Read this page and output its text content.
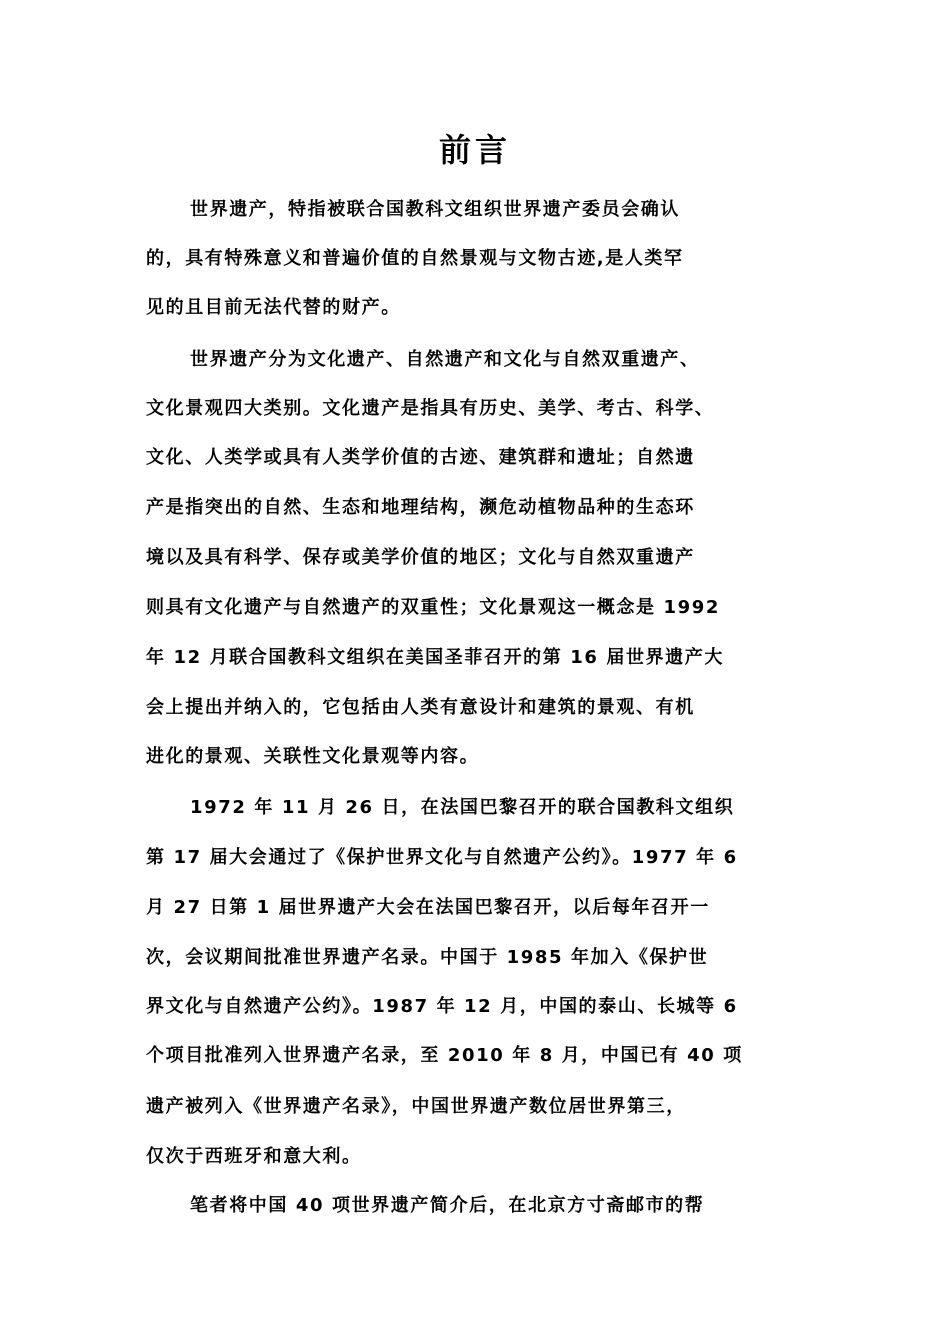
前言
世界遗产，特指被联合国教科文组织世界遗产委员会确认
的，具有特殊意义和普遍价值的自然景观与文物古迹,是人类罕
见的且目前无法代替的财产。
世界遗产分为文化遗产、自然遗产和文化与自然双重遗产、
文化景观四大类别。文化遗产是指具有历史、美学、考古、科学、
文化、人类学或具有人类学价值的古迹、建筑群和遗址；自然遗
产是指突出的自然、生态和地理结构，濒危动植物品种的生态环
境以及具有科学、保存或美学价值的地区；文化与自然双重遗产
则具有文化遗产与自然遗产的双重性；文化景观这一概念是 1992
年 12 月联合国教科文组织在美国圣菲召开的第 16 届世界遗产大
会上提出并纳入的，它包括由人类有意设计和建筑的景观、有机
进化的景观、关联性文化景观等内容。
1972 年 11 月 26 日，在法国巴黎召开的联合国教科文组织
第 17 届大会通过了《保护世界文化与自然遗产公约》。1977 年 6
月 27 日第 1 届世界遗产大会在法国巴黎召开，以后每年召开一
次，会议期间批准世界遗产名录。中国于 1985 年加入《保护世
界文化与自然遗产公约》。1987 年 12 月，中国的泰山、长城等 6
个项目批准列入世界遗产名录，至 2010 年 8 月，中国已有 40 项
遗产被列入《世界遗产名录》，中国世界遗产数位居世界第三，
仅次于西班牙和意大利。
笔者将中国 40 项世界遗产简介后，在北京方寸斋邮市的帮
